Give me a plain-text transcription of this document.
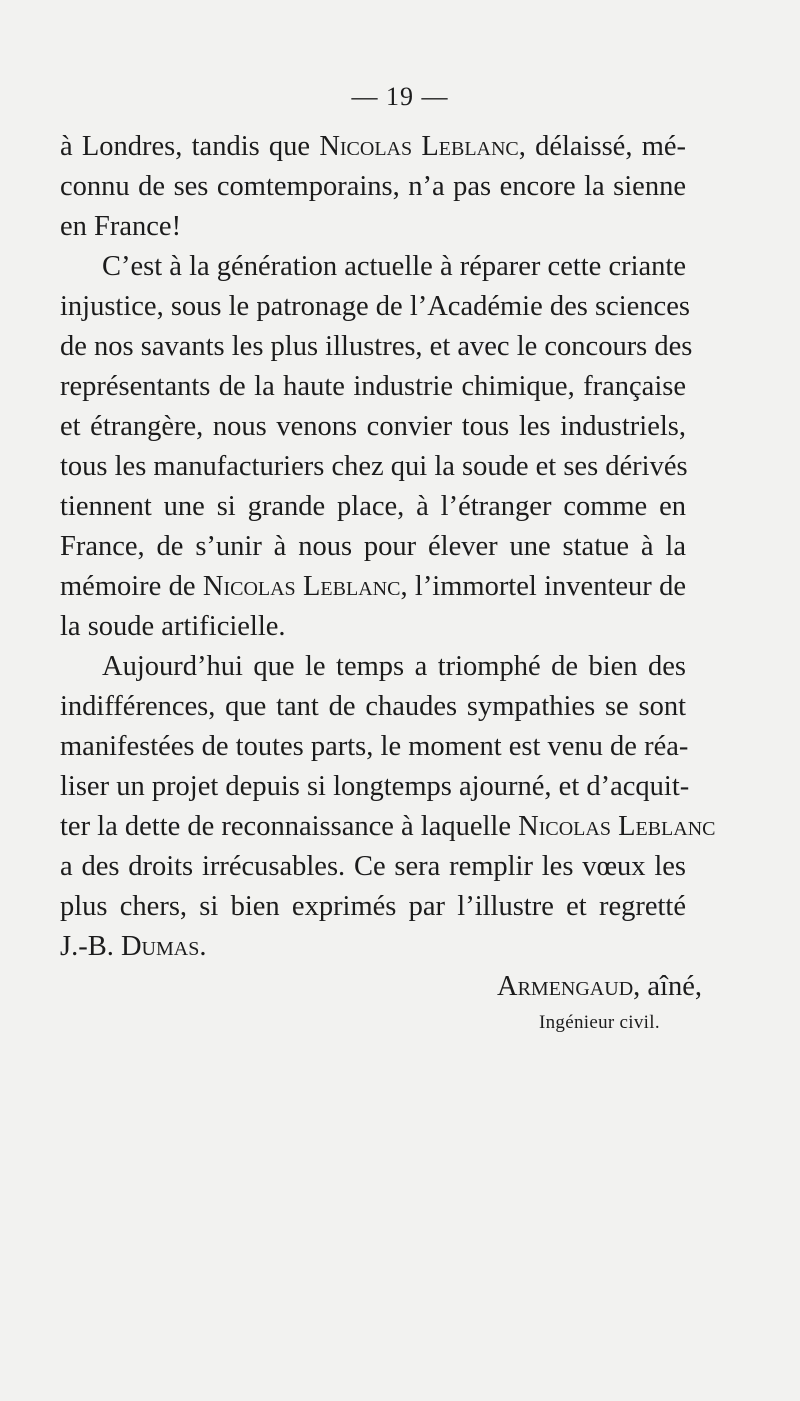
— 19 —
à Londres, tandis que Nicolas Leblanc, délaissé, mé-
connu de ses comtemporains, n’a pas encore la sienne
en France!
C’est à la génération actuelle à réparer cette criante
injustice, sous le patronage de l’Académie des sciences
de nos savants les plus illustres, et avec le concours des
représentants de la haute industrie chimique, française
et étrangère, nous venons convier tous les industriels,
tous les manufacturiers chez qui la soude et ses dérivés
tiennent une si grande place, à l’étranger comme en
France, de s’unir à nous pour élever une statue à la
mémoire de Nicolas Leblanc, l’immortel inventeur de
la soude artificielle.
Aujourd’hui que le temps a triomphé de bien des
indifférences, que tant de chaudes sympathies se sont
manifestées de toutes parts, le moment est venu de réa-
liser un projet depuis si longtemps ajourné, et d’acquit-
ter la dette de reconnaissance à laquelle Nicolas Leblanc
a des droits irrécusables. Ce sera remplir les vœux les
plus chers, si bien exprimés par l’illustre et regretté
J.-B. Dumas.
Armengaud, aîné,
Ingénieur civil.
